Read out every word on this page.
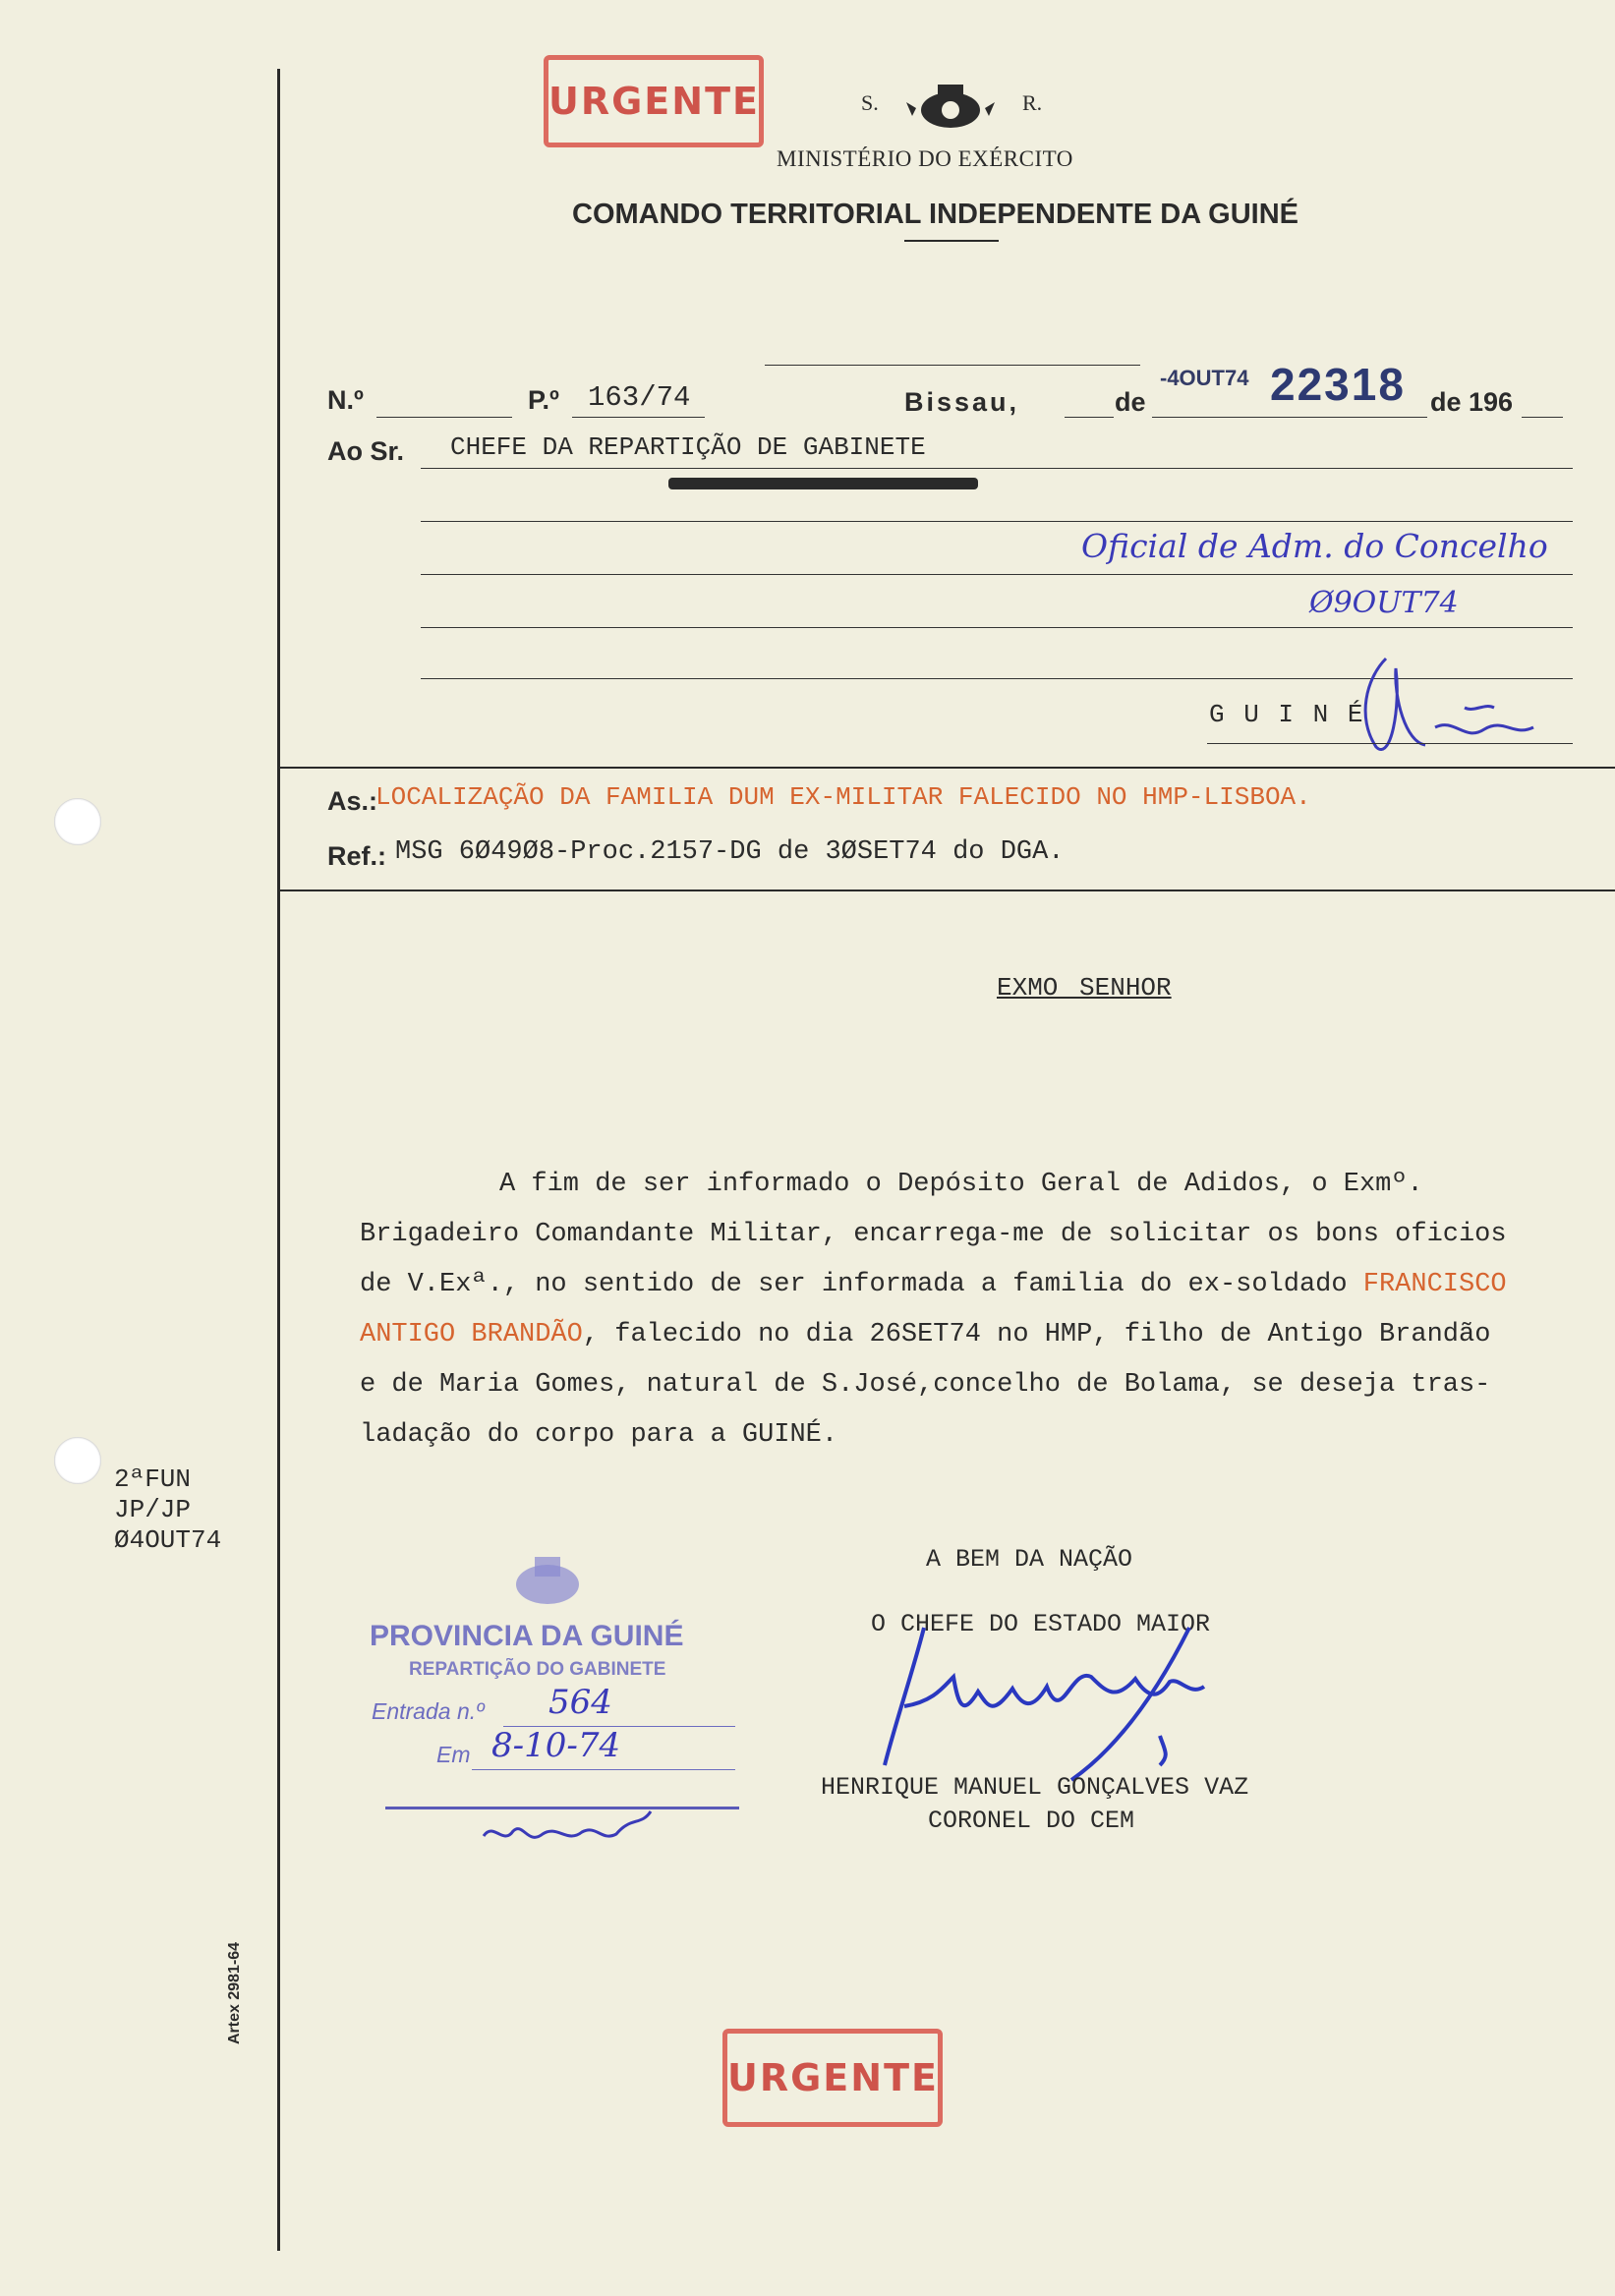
URGENTE	S.	R.
MINISTÉRIO DO EXÉRCITO
COMANDO TERRITORIAL INDEPENDENTE DA GUINÉ
N.º	P.º 163/74	Bissau,	de
-4OUT74 22318 de 196
Ao Sr. CHEFE DA REPARTIÇÃO DE GABINETE
Oficial de Adm. do Concelho
Ø9OUT74
G U I N É
As.:
LOCALIZAÇÃO DA FAMILIA DUM EX-MILITAR FALECIDO NO HMP-LISBOA.
Ref.: MSG 6Ø49Ø8-Proc.2157-DG de 3ØSET74 do DGA.
EXMO SENHOR
A fim de ser informado o Depósito Geral de Adidos, o Exmº.
Brigadeiro Comandante Militar, encarrega-me de solicitar os bons oficios
de V.Exª., no sentido de ser informada a familia do ex-soldado FRANCISCO
ANTIGO BRANDÃO, falecido no dia 26SET74 no HMP, filho de Antigo Brandão
e de Maria Gomes, natural de S.José,concelho de Bolama, se deseja tras-
ladação do corpo para a GUINÉ.
2ªFUN
JP/JP
Ø4OUT74
A BEM DA NAÇÃO
O CHEFE DO ESTADO MAIOR
HENRIQUE MANUEL GONÇALVES VAZ
CORONEL DO CEM
PROVINCIA DA GUINÉ
REPARTIÇÃO DO GABINETE
Entrada n.º 564
Em 8-10-74
Artex 2981-64
URGENTE
